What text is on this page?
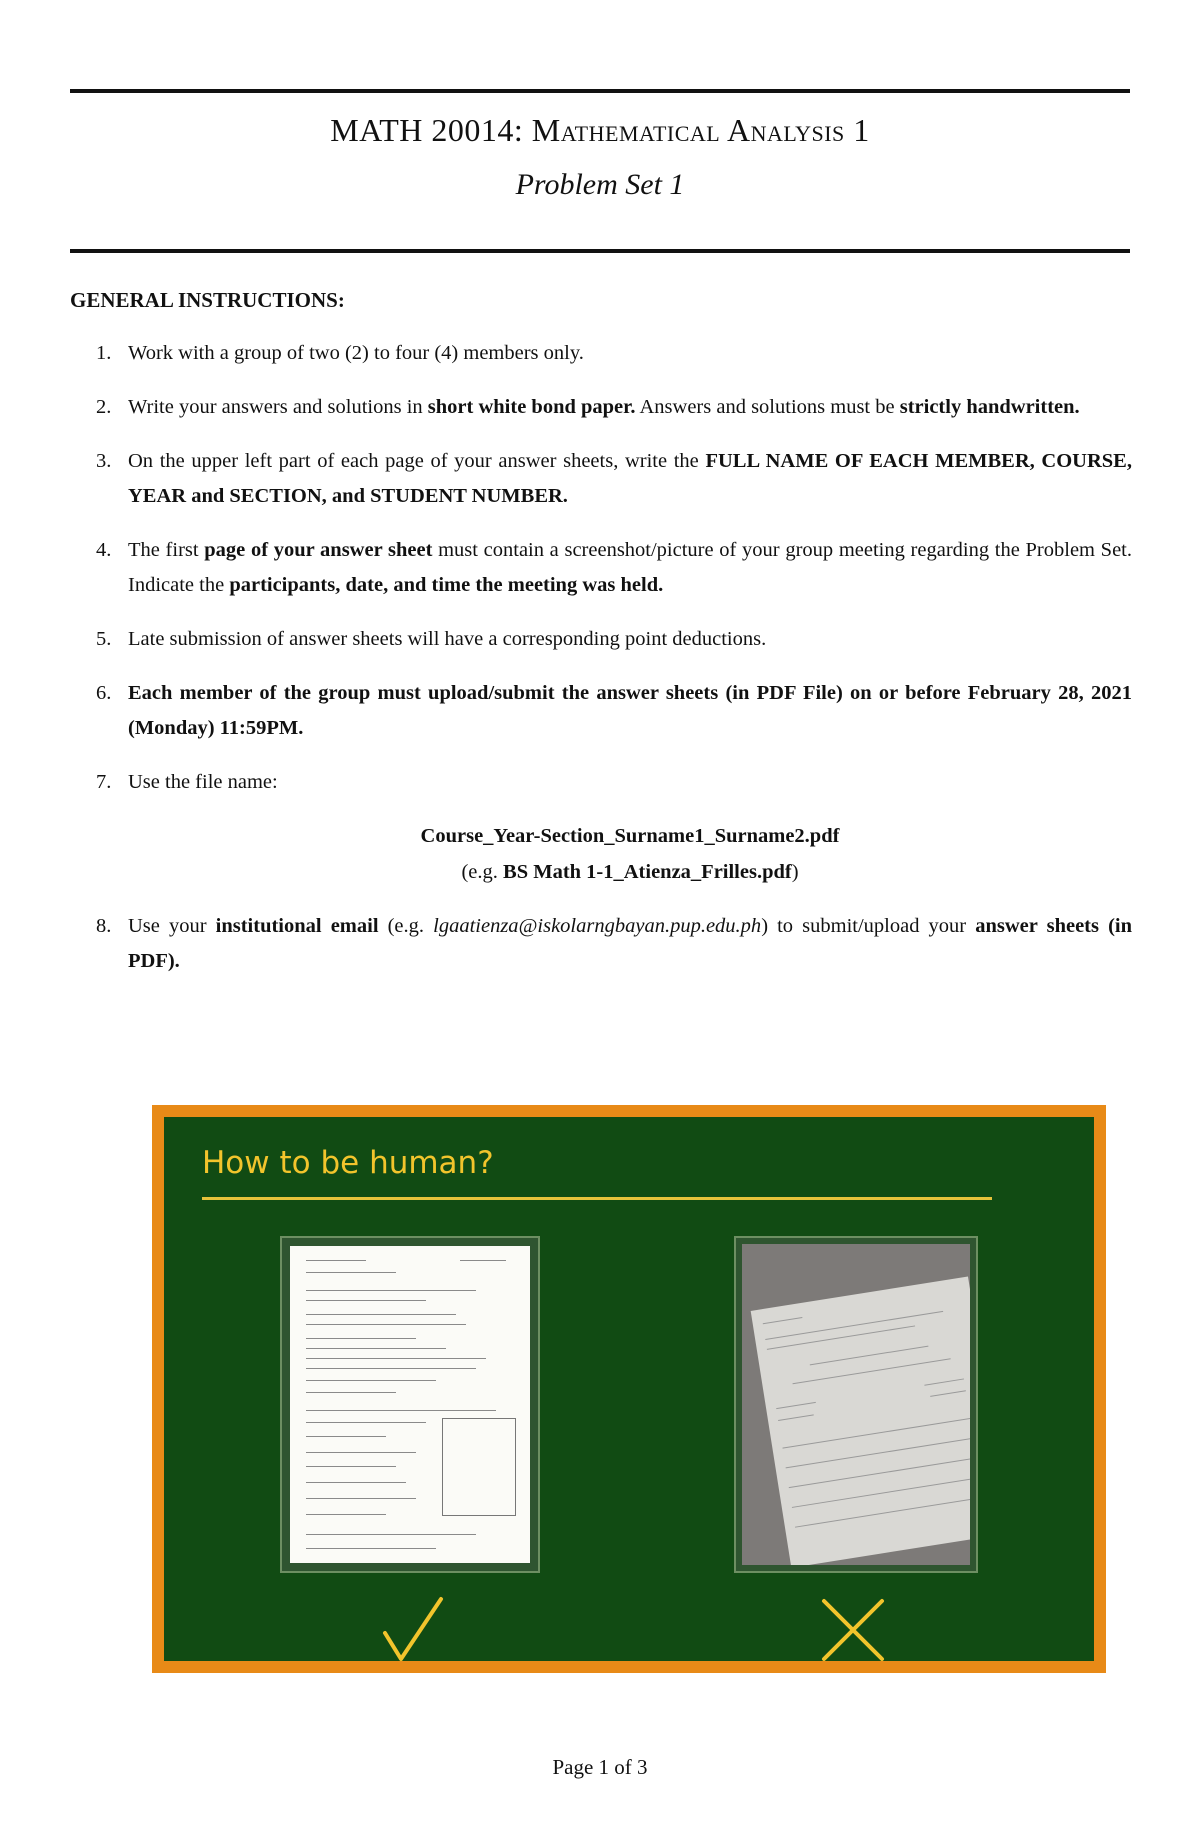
MATH 20014: Mathematical Analysis 1
Problem Set 1
GENERAL INSTRUCTIONS:
1. Work with a group of two (2) to four (4) members only.
2. Write your answers and solutions in short white bond paper. Answers and solutions must be strictly handwritten.
3. On the upper left part of each page of your answer sheets, write the FULL NAME OF EACH MEMBER, COURSE, YEAR and SECTION, and STUDENT NUMBER.
4. The first page of your answer sheet must contain a screenshot/picture of your group meeting regarding the Problem Set. Indicate the participants, date, and time the meeting was held.
5. Late submission of answer sheets will have a corresponding point deductions.
6. Each member of the group must upload/submit the answer sheets (in PDF File) on or before February 28, 2021 (Monday) 11:59PM.
7. Use the file name:
Course_Year-Section_Surname1_Surname2.pdf
(e.g. BS Math 1-1_Atienza_Frilles.pdf)
8. Use your institutional email (e.g. lgaatienza@iskolarngbayan.pup.edu.ph) to submit/upload your answer sheets (in PDF).
How to be human?
Page 1 of 3
